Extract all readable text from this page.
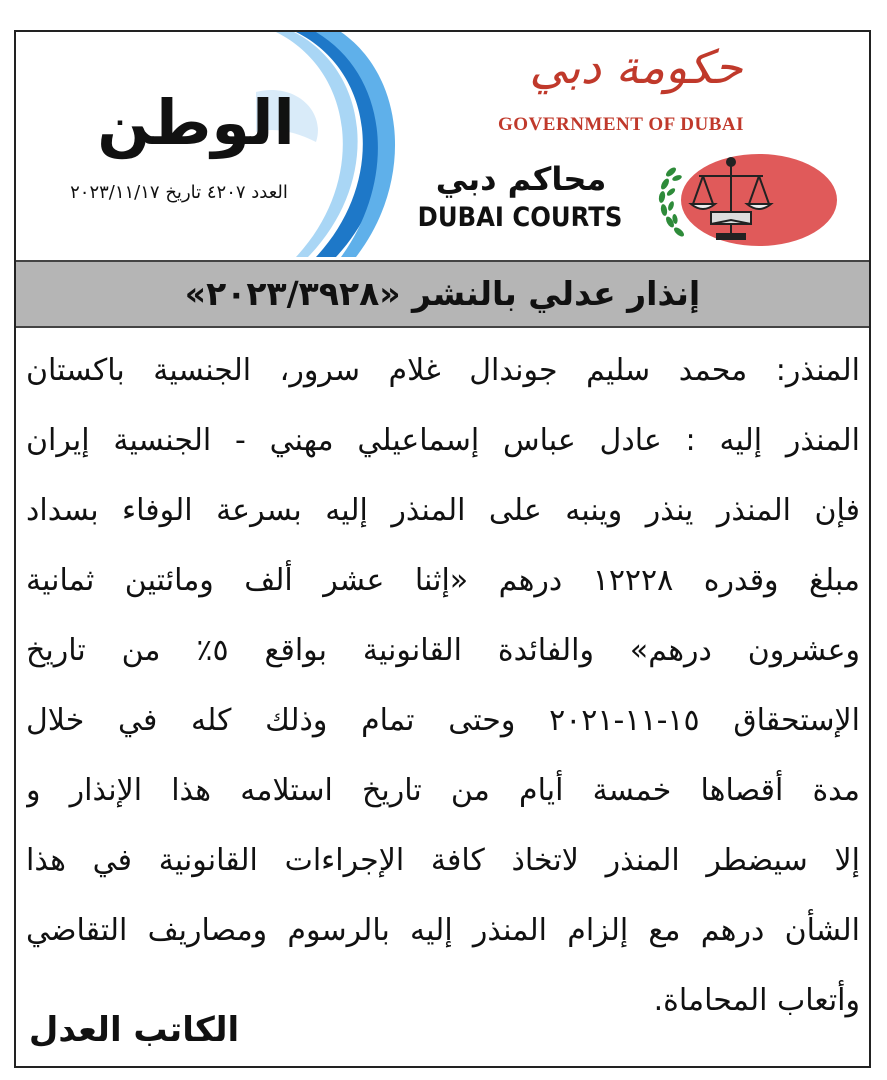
الوطن
العدد ٤٢٠٧ تاريخ ٢٠٢٣/١١/١٧
حكومة دبي
GOVERNMENT OF DUBAI
محاكم دبي
DUBAI COURTS
إنذار عدلي بالنشر «٢٠٢٣/٣٩٢٨»
المنذر: محمد سليم جوندال غلام سرور، الجنسية باكستان
المنذر إليه : عادل عباس إسماعيلي مهني - الجنسية إيران
فإن المنذر ينذر وينبه على المنذر إليه بسرعة الوفاء بسداد
مبلغ وقدره ١٢٢٢٨ درهم «إثنا عشر ألف ومائتين ثمانية
وعشرون درهم» والفائدة القانونية بواقع ٥٪ من تاريخ
الإستحقاق ١٥-١١-٢٠٢١ وحتى تمام وذلك كله في خلال
مدة أقصاها خمسة أيام من تاريخ استلامه هذا الإنذار و
إلا سيضطر المنذر لاتخاذ كافة الإجراءات القانونية في هذا
الشأن درهم مع إلزام المنذر إليه بالرسوم ومصاريف التقاضي
وأتعاب المحاماة.
الكاتب العدل
